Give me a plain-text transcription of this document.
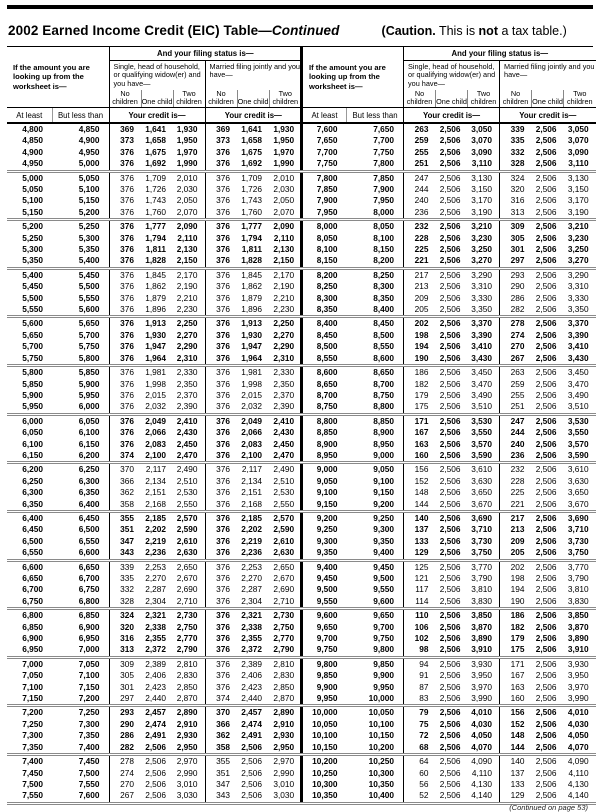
2002 Earned Income Credit (EIC) Table—Continued	(Caution. This is not a tax table.)
If the amount you are looking up from the worksheet is—		And your filing status is—					
		Single, head of household, or qualifying widow(er) and you have—			Married filing jointly and you have—		
		No children	One child	Two children	No children	One child	Two children
At least	But less than	Your credit is—			Your credit is—		
4,800	4,850	369	1,641	1,930	369	1,641	1,930
4,850	4,900	373	1,658	1,950	373	1,658	1,950
4,900	4,950	376	1,675	1,970	376	1,675	1,970
4,950	5,000	376	1,692	1,990	376	1,692	1,990
5,000	5,050	376	1,709	2,010	376	1,709	2,010
5,050	5,100	376	1,726	2,030	376	1,726	2,030
5,100	5,150	376	1,743	2,050	376	1,743	2,050
5,150	5,200	376	1,760	2,070	376	1,760	2,070
5,200	5,250	376	1,777	2,090	376	1,777	2,090
5,250	5,300	376	1,794	2,110	376	1,794	2,110
5,300	5,350	376	1,811	2,130	376	1,811	2,130
5,350	5,400	376	1,828	2,150	376	1,828	2,150
5,400	5,450	376	1,845	2,170	376	1,845	2,170
5,450	5,500	376	1,862	2,190	376	1,862	2,190
5,500	5,550	376	1,879	2,210	376	1,879	2,210
5,550	5,600	376	1,896	2,230	376	1,896	2,230
5,600	5,650	376	1,913	2,250	376	1,913	2,250
5,650	5,700	376	1,930	2,270	376	1,930	2,270
5,700	5,750	376	1,947	2,290	376	1,947	2,290
5,750	5,800	376	1,964	2,310	376	1,964	2,310
5,800	5,850	376	1,981	2,330	376	1,981	2,330
5,850	5,900	376	1,998	2,350	376	1,998	2,350
5,900	5,950	376	2,015	2,370	376	2,015	2,370
5,950	6,000	376	2,032	2,390	376	2,032	2,390
6,000	6,050	376	2,049	2,410	376	2,049	2,410
6,050	6,100	376	2,066	2,430	376	2,066	2,430
6,100	6,150	376	2,083	2,450	376	2,083	2,450
6,150	6,200	374	2,100	2,470	376	2,100	2,470
6,200	6,250	370	2,117	2,490	376	2,117	2,490
6,250	6,300	366	2,134	2,510	376	2,134	2,510
6,300	6,350	362	2,151	2,530	376	2,151	2,530
6,350	6,400	358	2,168	2,550	376	2,168	2,550
6,400	6,450	355	2,185	2,570	376	2,185	2,570
6,450	6,500	351	2,202	2,590	376	2,202	2,590
6,500	6,550	347	2,219	2,610	376	2,219	2,610
6,550	6,600	343	2,236	2,630	376	2,236	2,630
6,600	6,650	339	2,253	2,650	376	2,253	2,650
6,650	6,700	335	2,270	2,670	376	2,270	2,670
6,700	6,750	332	2,287	2,690	376	2,287	2,690
6,750	6,800	328	2,304	2,710	376	2,304	2,710
6,800	6,850	324	2,321	2,730	376	2,321	2,730
6,850	6,900	320	2,338	2,750	376	2,338	2,750
6,900	6,950	316	2,355	2,770	376	2,355	2,770
6,950	7,000	313	2,372	2,790	376	2,372	2,790
7,000	7,050	309	2,389	2,810	376	2,389	2,810
7,050	7,100	305	2,406	2,830	376	2,406	2,830
7,100	7,150	301	2,423	2,850	376	2,423	2,850
7,150	7,200	297	2,440	2,870	374	2,440	2,870
7,200	7,250	293	2,457	2,890	370	2,457	2,890
7,250	7,300	290	2,474	2,910	366	2,474	2,910
7,300	7,350	286	2,491	2,930	362	2,491	2,930
7,350	7,400	282	2,506	2,950	358	2,506	2,950
7,400	7,450	278	2,506	2,970	355	2,506	2,970
7,450	7,500	274	2,506	2,990	351	2,506	2,990
7,500	7,550	270	2,506	3,010	347	2,506	3,010
7,550	7,600	267	2,506	3,030	343	2,506	3,030
If the amount you are looking up from the worksheet is—		And your filing status is—					
		Single, head of household, or qualifying widow(er) and you have—			Married filing jointly and you have—		
		No children	One child	Two children	No children	One child	Two children
At least	But less than	Your credit is—			Your credit is—		
7,600	7,650	263	2,506	3,050	339	2,506	3,050
7,650	7,700	259	2,506	3,070	335	2,506	3,070
7,700	7,750	255	2,506	3,090	332	2,506	3,090
7,750	7,800	251	2,506	3,110	328	2,506	3,110
7,800	7,850	247	2,506	3,130	324	2,506	3,130
7,850	7,900	244	2,506	3,150	320	2,506	3,150
7,900	7,950	240	2,506	3,170	316	2,506	3,170
7,950	8,000	236	2,506	3,190	313	2,506	3,190
8,000	8,050	232	2,506	3,210	309	2,506	3,210
8,050	8,100	228	2,506	3,230	305	2,506	3,230
8,100	8,150	225	2,506	3,250	301	2,506	3,250
8,150	8,200	221	2,506	3,270	297	2,506	3,270
8,200	8,250	217	2,506	3,290	293	2,506	3,290
8,250	8,300	213	2,506	3,310	290	2,506	3,310
8,300	8,350	209	2,506	3,330	286	2,506	3,330
8,350	8,400	205	2,506	3,350	282	2,506	3,350
8,400	8,450	202	2,506	3,370	278	2,506	3,370
8,450	8,500	198	2,506	3,390	274	2,506	3,390
8,500	8,550	194	2,506	3,410	270	2,506	3,410
8,550	8,600	190	2,506	3,430	267	2,506	3,430
8,600	8,650	186	2,506	3,450	263	2,506	3,450
8,650	8,700	182	2,506	3,470	259	2,506	3,470
8,700	8,750	179	2,506	3,490	255	2,506	3,490
8,750	8,800	175	2,506	3,510	251	2,506	3,510
8,800	8,850	171	2,506	3,530	247	2,506	3,530
8,850	8,900	167	2,506	3,550	244	2,506	3,550
8,900	8,950	163	2,506	3,570	240	2,506	3,570
8,950	9,000	160	2,506	3,590	236	2,506	3,590
9,000	9,050	156	2,506	3,610	232	2,506	3,610
9,050	9,100	152	2,506	3,630	228	2,506	3,630
9,100	9,150	148	2,506	3,650	225	2,506	3,650
9,150	9,200	144	2,506	3,670	221	2,506	3,670
9,200	9,250	140	2,506	3,690	217	2,506	3,690
9,250	9,300	137	2,506	3,710	213	2,506	3,710
9,300	9,350	133	2,506	3,730	209	2,506	3,730
9,350	9,400	129	2,506	3,750	205	2,506	3,750
9,400	9,450	125	2,506	3,770	202	2,506	3,770
9,450	9,500	121	2,506	3,790	198	2,506	3,790
9,500	9,550	117	2,506	3,810	194	2,506	3,810
9,550	9,600	114	2,506	3,830	190	2,506	3,830
9,600	9,650	110	2,506	3,850	186	2,506	3,850
9,650	9,700	106	2,506	3,870	182	2,506	3,870
9,700	9,750	102	2,506	3,890	179	2,506	3,890
9,750	9,800	98	2,506	3,910	175	2,506	3,910
9,800	9,850	94	2,506	3,930	171	2,506	3,930
9,850	9,900	91	2,506	3,950	167	2,506	3,950
9,900	9,950	87	2,506	3,970	163	2,506	3,970
9,950	10,000	83	2,506	3,990	160	2,506	3,990
10,000	10,050	79	2,506	4,010	156	2,506	4,010
10,050	10,100	75	2,506	4,030	152	2,506	4,030
10,100	10,150	72	2,506	4,050	148	2,506	4,050
10,150	10,200	68	2,506	4,070	144	2,506	4,070
10,200	10,250	64	2,506	4,090	140	2,506	4,090
10,250	10,300	60	2,506	4,110	137	2,506	4,110
10,300	10,350	56	2,506	4,130	133	2,506	4,130
10,350	10,400	52	2,506	4,140	129	2,506	4,140
(Continued on page 53)
